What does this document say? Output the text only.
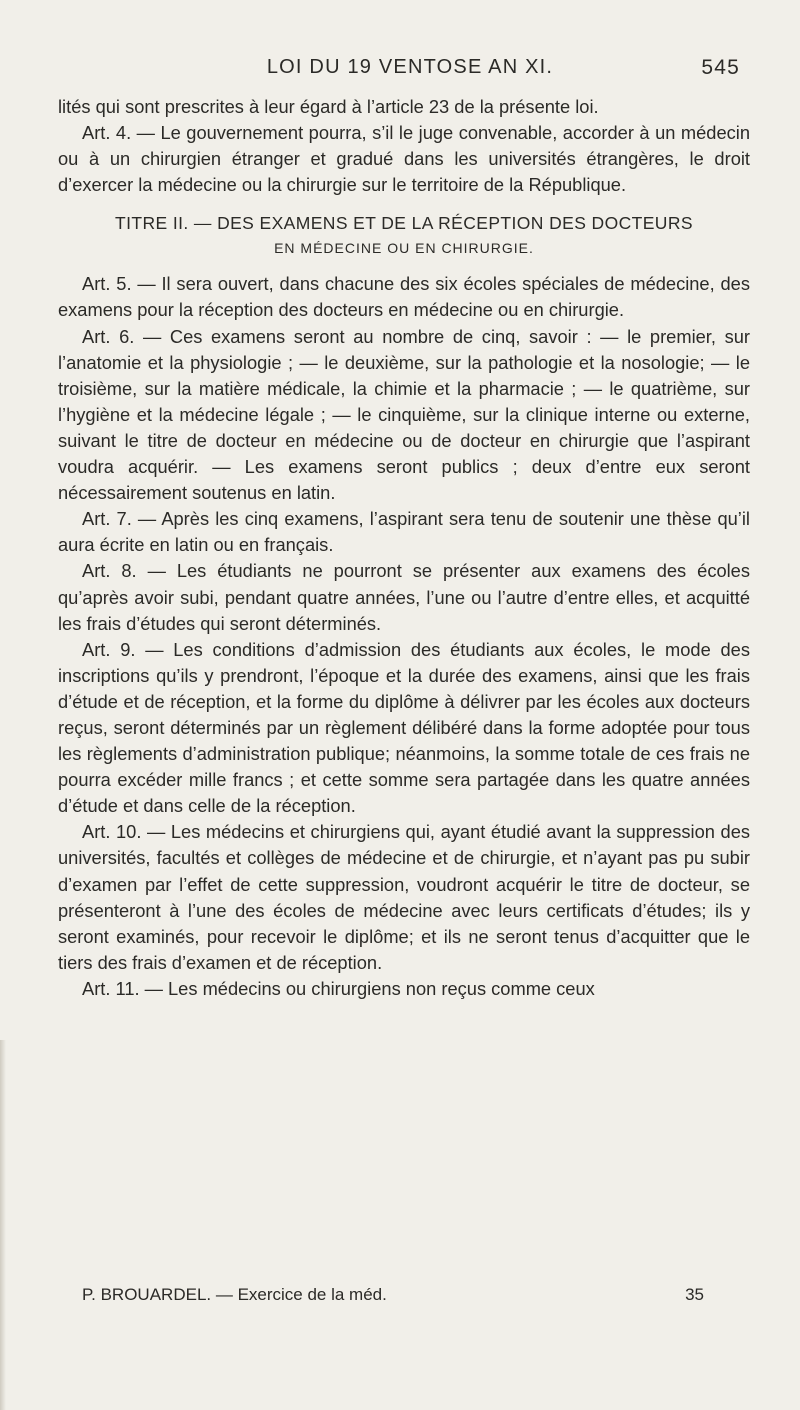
LOI DU 19 VENTOSE AN XI.	545

lités qui sont prescrites à leur égard à l’article 23 de la présente loi.

Art. 4. — Le gouvernement pourra, s’il le juge convenable, accorder à un médecin ou à un chirurgien étranger et gradué dans les universités étrangères, le droit d’exercer la médecine ou la chirurgie sur le territoire de la République.

TITRE II. — DES EXAMENS ET DE LA RÉCEPTION DES DOCTEURS
EN MÉDECINE OU EN CHIRURGIE.

Art. 5. — Il sera ouvert, dans chacune des six écoles spéciales de médecine, des examens pour la réception des docteurs en médecine ou en chirurgie.

Art. 6. — Ces examens seront au nombre de cinq, savoir : — le premier, sur l’anatomie et la physiologie ; — le deuxième, sur la pathologie et la nosologie; — le troisième, sur la matière médicale, la chimie et la pharmacie ; — le quatrième, sur l’hygiène et la médecine légale ; — le cinquième, sur la clinique interne ou externe, suivant le titre de docteur en médecine ou de docteur en chirurgie que l’aspirant voudra acquérir. — Les examens seront publics ; deux d’entre eux seront nécessairement soutenus en latin.

Art. 7. — Après les cinq examens, l’aspirant sera tenu de soutenir une thèse qu’il aura écrite en latin ou en français.

Art. 8. — Les étudiants ne pourront se présenter aux examens des écoles qu’après avoir subi, pendant quatre années, l’une ou l’autre d’entre elles, et acquitté les frais d’études qui seront déterminés.

Art. 9. — Les conditions d’admission des étudiants aux écoles, le mode des inscriptions qu’ils y prendront, l’époque et la durée des examens, ainsi que les frais d’étude et de réception, et la forme du diplôme à délivrer par les écoles aux docteurs reçus, seront déterminés par un règlement délibéré dans la forme adoptée pour tous les règlements d’administration publique; néanmoins, la somme totale de ces frais ne pourra excéder mille francs ; et cette somme sera partagée dans les quatre années d’étude et dans celle de la réception.

Art. 10. — Les médecins et chirurgiens qui, ayant étudié avant la suppression des universités, facultés et collèges de médecine et de chirurgie, et n’ayant pas pu subir d’examen par l’effet de cette suppression, voudront acquérir le titre de docteur, se présenteront à l’une des écoles de médecine avec leurs certificats d’études; ils y seront examinés, pour recevoir le diplôme; et ils ne seront tenus d’acquitter que le tiers des frais d’examen et de réception.

Art. 11. — Les médecins ou chirurgiens non reçus comme ceux

P. BROUARDEL. — Exercice de la méd.	35
